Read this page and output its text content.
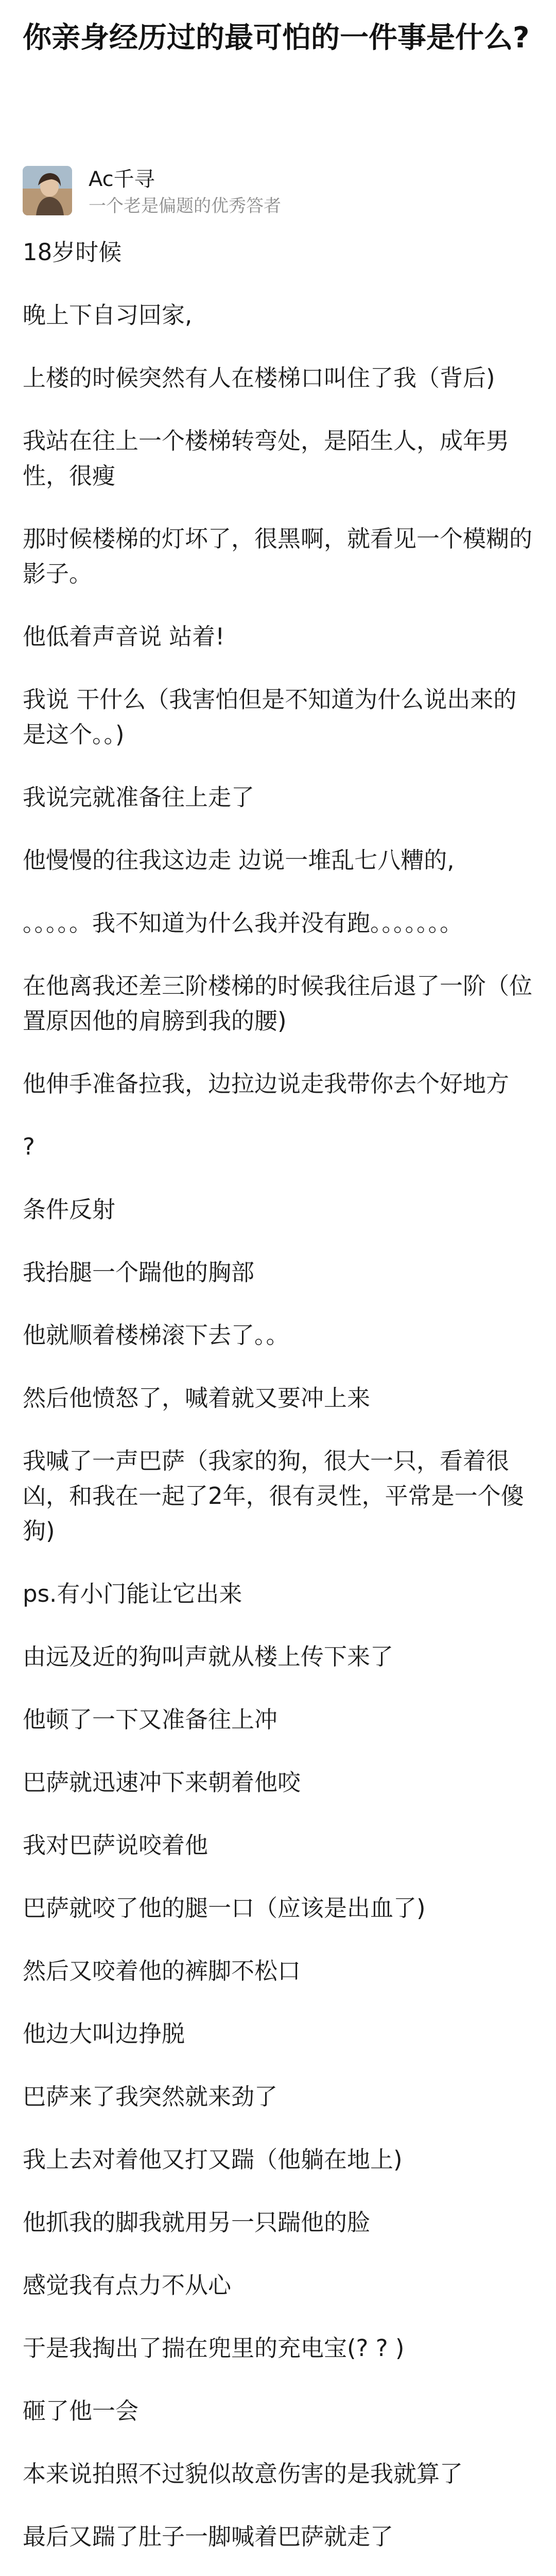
你亲身经历过的最可怕的一件事是什么?
Ac千寻
一个老是偏题的优秀答者

18岁时候

晚上下自习回家,

上楼的时候突然有人在楼梯口叫住了我（背后)

我站在往上一个楼梯转弯处，是陌生人，成年男性，很瘦

那时候楼梯的灯坏了，很黑啊，就看见一个模糊的影子。

他低着声音说 站着!

我说 干什么（我害怕但是不知道为什么说出来的是这个。。)

我说完就准备往上走了

他慢慢的往我这边走 边说一堆乱七八糟的,

。。。。。我不知道为什么我并没有跑。。。。。。。

在他离我还差三阶楼梯的时候我往后退了一阶（位置原因他的肩膀到我的腰)

他伸手准备拉我，边拉边说走我带你去个好地方

?

条件反射

我抬腿一个踹他的胸部

他就顺着楼梯滚下去了。。

然后他愤怒了，喊着就又要冲上来

我喊了一声巴萨（我家的狗，很大一只，看着很凶，和我在一起了2年，很有灵性，平常是一个傻狗)

ps.有小门能让它出来

由远及近的狗叫声就从楼上传下来了

他顿了一下又准备往上冲

巴萨就迅速冲下来朝着他咬

我对巴萨说咬着他

巴萨就咬了他的腿一口（应该是出血了)

然后又咬着他的裤脚不松口

他边大叫边挣脱

巴萨来了我突然就来劲了

我上去对着他又打又踹（他躺在地上)

他抓我的脚我就用另一只踹他的脸

感觉我有点力不从心

于是我掏出了揣在兜里的充电宝(? ? )

砸了他一会

本来说拍照不过貌似故意伤害的是我就算了

最后又踹了肚子一脚喊着巴萨就走了
